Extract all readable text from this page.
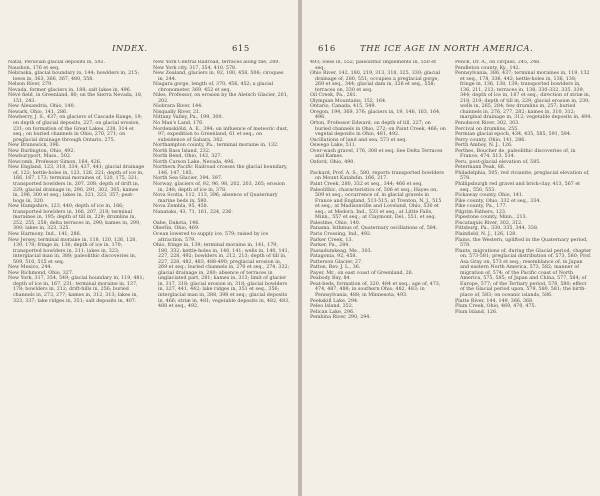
INDEX.	615

Natal, Peruvian glacial deposits in, 592.

Naushon, 176 et seq.

Nebraska, glacial boundary in, 144; bowlders in, 215; loess in, 363, 366, 367, 480, 558.

Nelson River, 279.

Nevada, former glaciers in, 188; salt lakes in, 496.

Névé field, in Greenland, 80; on the Sierra Nevada, 18, 151, 243.

New Alexandria, Ohio, 140.

Newark, Ohio, 141, 286.

Newberry, J. S., 437; on glaciers of Cascade Range, 19; on depth of glacial deposits, 227; on glacial erosion, 231; on formation of the Great Lakes, 238, 314 et seq.; on buried channels in Ohio, 270, 271; on preglacial drainage through Ontario, 275.

New Brunswick, 396.

New Burlington, Ohio, 492.

Newburyport, Mass., 502.

Newcomb, Professor Simon, 164, 426.

New England, 123, 318, 334, 437, 441; glacial drainage of, 122; kettle-holes in, 123, 126, 221; depth of ice in, 166, 167, 173; terminal moraines of, 120, 175, 321; transported bowlders in, 207, 208; depth of drift in, 229; glacial drainage in, 290, 291, 302, 305; kames in, 296, 300 et seq.; lakes in, 321, 323, 357; peat-bogs in, 320.

New Hampshire, 123, 440; depth of ice in, 166; transported bowlders in, 166, 207, 218; terminal moraines in, 195; depth of till in, 229; drumlins in, 252, 255, 258; delta terraces in, 290; kames in, 299, 300; lakes in, 323, 325.

New Harmony, Ind., 141, 286.

New Jersey, terminal moraine in, 118, 120, 126, 128, 130, 178; fringe in, 136; depth of ice in, 170; transported bowlders in, 211; lakes in, 323; interglacial man in, 388; paleolithic discoveries in, 509, 510, 515 et seq.

New Mexico, 244.

New Richmond, Ohio, 327.

New York, 317, 354, 549; glacial boundary in, 119, 481; depth of ice in, 167, 231; terminal moraine in, 137, 178; bowlders in, 212; drift-hills in, 256; buried channels in, 273, 277; kames in, 312, 313; lakes in, 323, 337; lake ridges in, 351; salt deposits in, 407.

New York Central Railroad, terraces along the, 289.

New York city, 317, 354, 410, 578.

New Zealand, glaciers in, 92, 100, 458, 506; ciroques in, 244.

Niagara gorge, length of, 370, 456, 452; a glacial chronometer, 369, 452 et seq.

Niles, Professor, on erosion by the Aletsch Glacier, 201, 202.

Niobrara River, 144.

Nisqually River, 21.

Nittany Valley, Pa., 199, 300.

No Man's Land, 176.

Nordenskiöld, A. E., 394; on influence of meteoric dust, 97; expedition to Greenland, 61 et seq.; on subsidence of Sahara, 382.

Northampton county, Pa., terminal moraine in, 132.

North Bass Island, 232.

North Bend, Ohio, 142, 327.

North Carson Lake, Nevada, 496.

Northern Pacific Railroad crosses the glacial boundary, 146, 147, 185.

North Sea Glacier, 394, 397.

Norway, glaciers of, 92, 96, 98, 202, 203, 265; erosion in, 248; depth of ice in, 378.

Nova Scotia, 112, 113, 396; absence of Quaternary marine beds in, 580.

Nova Zembla, 95, 458.

Nunataks, 43, 71, 161, 224, 236.

Oahe, Dakota, 146.

Oberlin, Ohio, 469.

Ocean lowered to supply ice, 579; raised by ice attraction, 579.

Ohio, fringe in, 139; terminal moraine in, 141, 179, 180, 332; kettle-holes in, 140, 141; wells in, 140, 141, 227, 228, 492; bowlders in, 212, 213; depth of till in, 227, 228, 482, 483, 488-490; preglacial erosion in, 269 et seq.; buried channels in, 270 et seq., 274, 332; glacial drainage in, 280; absence of terraces in unglaciated part, 281; kames in, 313; limit of glacier in, 317, 318; glacial erosion in, 318; glacial bowlders in, 327, 441, 442; lake ridges in, 351 et seq., 356; interglacial man in, 388, 398 et seq.; glacial deposits in, 466; striæ in, 481; vegetable deposits in, 482, 483, 488 et seq., 492,

616	THE ICE AGE IN NORTH AMERICA.

493; loess in, 552; paleolithic implements in, 550 et seq.

Ohio River, 142, 180, 219, 313, 318, 325, 330; glacial drainage of, 280, 551; occupies a preglacial gorge, 269 et seq., 344; glacial dam in, 326 et seq., 558; terraces on, 330 et seq.

Oil Creek, Pa., 281.

Olympian Mountains, 152, 164.

Ontario, Canada, 415, 549.

Oregon, 194, 369, 376; glaciers in, 19, 146, 163, 164, 496.

Orton, Professor Edward, on depth of till, 227; on buried channels in Ohio, 272; on Paint Creek, 466; on vegetal deposits in Ohio, 481, 492.

Oscillations of land and sea, 573 et seq.

Oswego Lake, 511.

Over-wash gravel, 176, 308 et seq. See Delta Terraces and Kames.

Oxford, Ohio, 490.

Packard, Prof. A. S., 580, reports transported bowlders on Mount Katahdin, 166, 217.

Paint Creek, 280, 332 et seq., 344; 466 et seq.

Paleolithic, characteristics of, 506 et seq.; Hayes on, 509 et seq.; occurrence of, in glacial gravels in France and England, 513-515; at Trenton, N. J., 515 et seq.; at Madisonville and Loveland, Ohio, 530 et seq.; at Medora, Ind., 533 et seq.; at Little Falls, Minn., 557 et seq.; at Claymont, Del., 551, et seq.

Palestine, Ohio, 140.

Panama, Isthmus of, Quaternary oscillations of, 584.

Paris Crossing, Ind., 492.

Parker Creek, 13.

Parker, Pa., 284.

Passadumkeag, Me., 303.

Patagonia, 92, 458.

Patterson Glacier, 27.

Patton, Rev. J. L., 36.

Payer, Mr., on east coast of Greenland, 26.

Peabody Bay, 84.

Peat-beds, formation of, 320, 484 et seq.; age of, 473, 474, 487, 488; in southern Ohio, 482, 483; in Pennsylvania, 488; in Minnesota, 493.

Peekskill Lake, 294.

Peleo Island, 352.

Pelican Lake, 296.

Pembina River, 290, 294.

Penck, Dr. A., on cirques, 245, 248.

Pendleton county, Ky., 142.

Pennsylvania, 386, 437; terminal moraines in, 119, 132 et seq., 178, 336, 442; kettle-holes in, 136, 138; fringe in, 136, 138, 139; transported bowlders in, 136, 211, 212; terraces in, 138, 330-332, 335, 339, 344; depth of ice in, 167 et seq.; direction of striæ in, 218, 219; depth of till in, 229; glacial erosion in, 230; wells in, 265, 284; few drumlins in, 257; buried channels in, 276, 277, 282; kames in, 310, 312; marginal drainage in, 312; vegetable deposits in, 494.

Penobscot River, 302, 303.

Percival on drumlins, 255.

Permian glacial epoch, 434, 435, 585, 591, 594.

Perry county, Ohio, 141, 286.

Perth Amboy, N. J., 126.

Perthes, Boucher de, paleolithic discoveries of, in France, 474, 513, 514.

Peru, post-glacial elevation of, 585.

Petermann Peak, 86.

Philadelphia, 505; red vivianite, preglacial elevation of, 578.

Phillipsburgh red gravel and brick-clay, 413, 567 et seq., 550, 553.

Pickaway county, Ohio, 141.

Pike county, Ohio, 332 et seq., 334.

Pike county, Pa., 177.

Pilgrim Fathers, 123.

Pipestone county, Minn., 213.

Piscataquis River, 302, 312.

Pittsburg, Pa., 330, 335, 344, 338.

Plainfield, N. J., 126, 128.

Plains, the Western, uplifted in the Quaternary period, 578.

Plants, migrations of, during the Glacial period, chapter on, 573-581; preglacial distribution of, 573, 580; Prof. Asa Gray on, 573 et seq.; resemblance of, in Japan and eastern North America, 573, 582; manner of migration of, 574; of the Pacific coast of North America, 575, 585; of Japan and China, 577, 584; of Europe, 577; of the Tertiary period, 578, 580; effect of the Glacial period upon, 579, 580, 581; the birth-place of, 583; on oceanic islands, 586.

Platte River, 144, 149, 366, 368.

Plum Creek, Ohio, 469, 470, 475.

Plum Island, 126.
